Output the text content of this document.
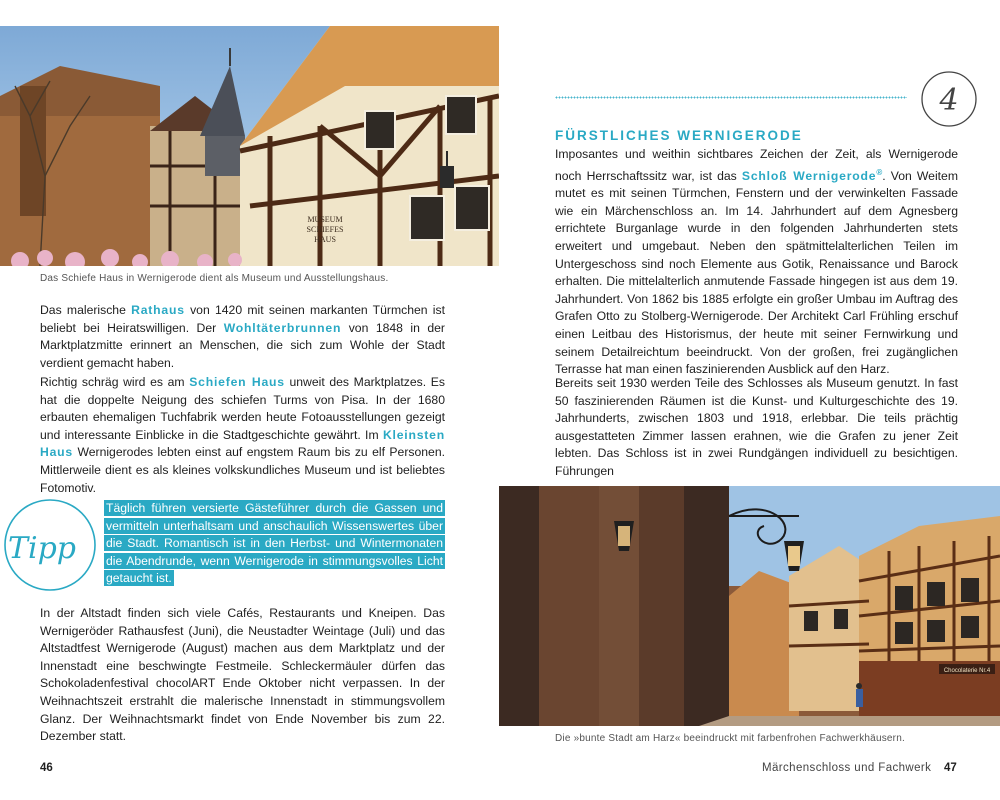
MUSEUM
SCHIEFES
HAUS
Das Schiefe Haus in Wernigerode dient als Museum und Ausstellungshaus.
Das malerische Rathaus von 1420 mit seinen markanten Türmchen ist beliebt bei Heiratswilligen. Der Wohltäterbrunnen von 1848 in der Marktplatzmitte erinnert an Menschen, die sich zum Wohle der Stadt verdient gemacht haben.
Richtig schräg wird es am Schiefen Haus unweit des Marktplatzes. Es hat die doppelte Neigung des schiefen Turms von Pisa. In der 1680 erbauten ehemaligen Tuchfabrik werden heute Fotoausstellungen gezeigt und interessante Einblicke in die Stadtgeschichte gewährt. Im Kleinsten Haus Wernigerodes lebten einst auf engstem Raum bis zu elf Personen. Mittlerweile dient es als kleines volkskundliches Museum und ist beliebtes Fotomotiv.
Tipp
Täglich führen versierte Gästeführer durch die Gassen und vermitteln unterhaltsam und anschaulich Wissenswertes über die Stadt. Romantisch ist in den Herbst- und Wintermonaten die Abendrunde, wenn Wernigerode in stimmungsvolles Licht getaucht ist.
In der Altstadt finden sich viele Cafés, Restaurants und Kneipen. Das Wernigeröder Rathausfest (Juni), die Neustadter Weintage (Juli) und das Altstadtfest Wernigerode (August) machen aus dem Marktplatz und der Innenstadt eine beschwingte Festmeile. Schleckermäuler dürfen das Schokoladenfestival chocolART Ende Oktober nicht verpassen. In der Weihnachtszeit erstrahlt die malerische Innenstadt in stimmungsvollem Glanz. Der Weihnachtsmarkt findet von Ende November bis zum 22. Dezember statt.
46
4
FÜRSTLICHES WERNIGERODE
Imposantes und weithin sichtbares Zeichen der Zeit, als Wernigerode noch Herrschaftssitz war, ist das Schloß Wernigerode®. Von Weitem mutet es mit seinen Türmchen, Fenstern und der verwinkelten Fassade wie ein Märchenschloss an. Im 14. Jahrhundert auf dem Agnesberg errichtete Burganlage wurde in den folgenden Jahrhunderten stets erweitert und umgebaut. Neben den spätmittelalterlichen Teilen im Untergeschoss sind noch Elemente aus Gotik, Renaissance und Barock erhalten. Die mittelalterlich anmutende Fassade hingegen ist aus dem 19. Jahrhundert. Von 1862 bis 1885 erfolgte ein großer Umbau im Auftrag des Grafen Otto zu Stolberg-Wernigerode. Der Architekt Carl Frühling erschuf einen Leitbau des Historismus, der heute mit seiner Fernwirkung und seinem Detailreichtum beeindruckt. Von der großen, frei zugänglichen Terrasse hat man einen faszinierenden Ausblick auf den Harz.
Bereits seit 1930 werden Teile des Schlosses als Museum genutzt. In fast 50 faszinierenden Räumen ist die Kunst- und Kulturgeschichte des 19. Jahrhunderts, zwischen 1803 und 1918, erlebbar. Die teils prächtig ausgestatteten Zimmer lassen erahnen, wie die Grafen zu jener Zeit lebten. Das Schloss ist in zwei Rundgängen individuell zu besichtigen. Führungen
Chocolaterie Nr.4
Die »bunte Stadt am Harz« beeindruckt mit farbenfrohen Fachwerkhäusern.
Märchenschloss und Fachwerk 47
